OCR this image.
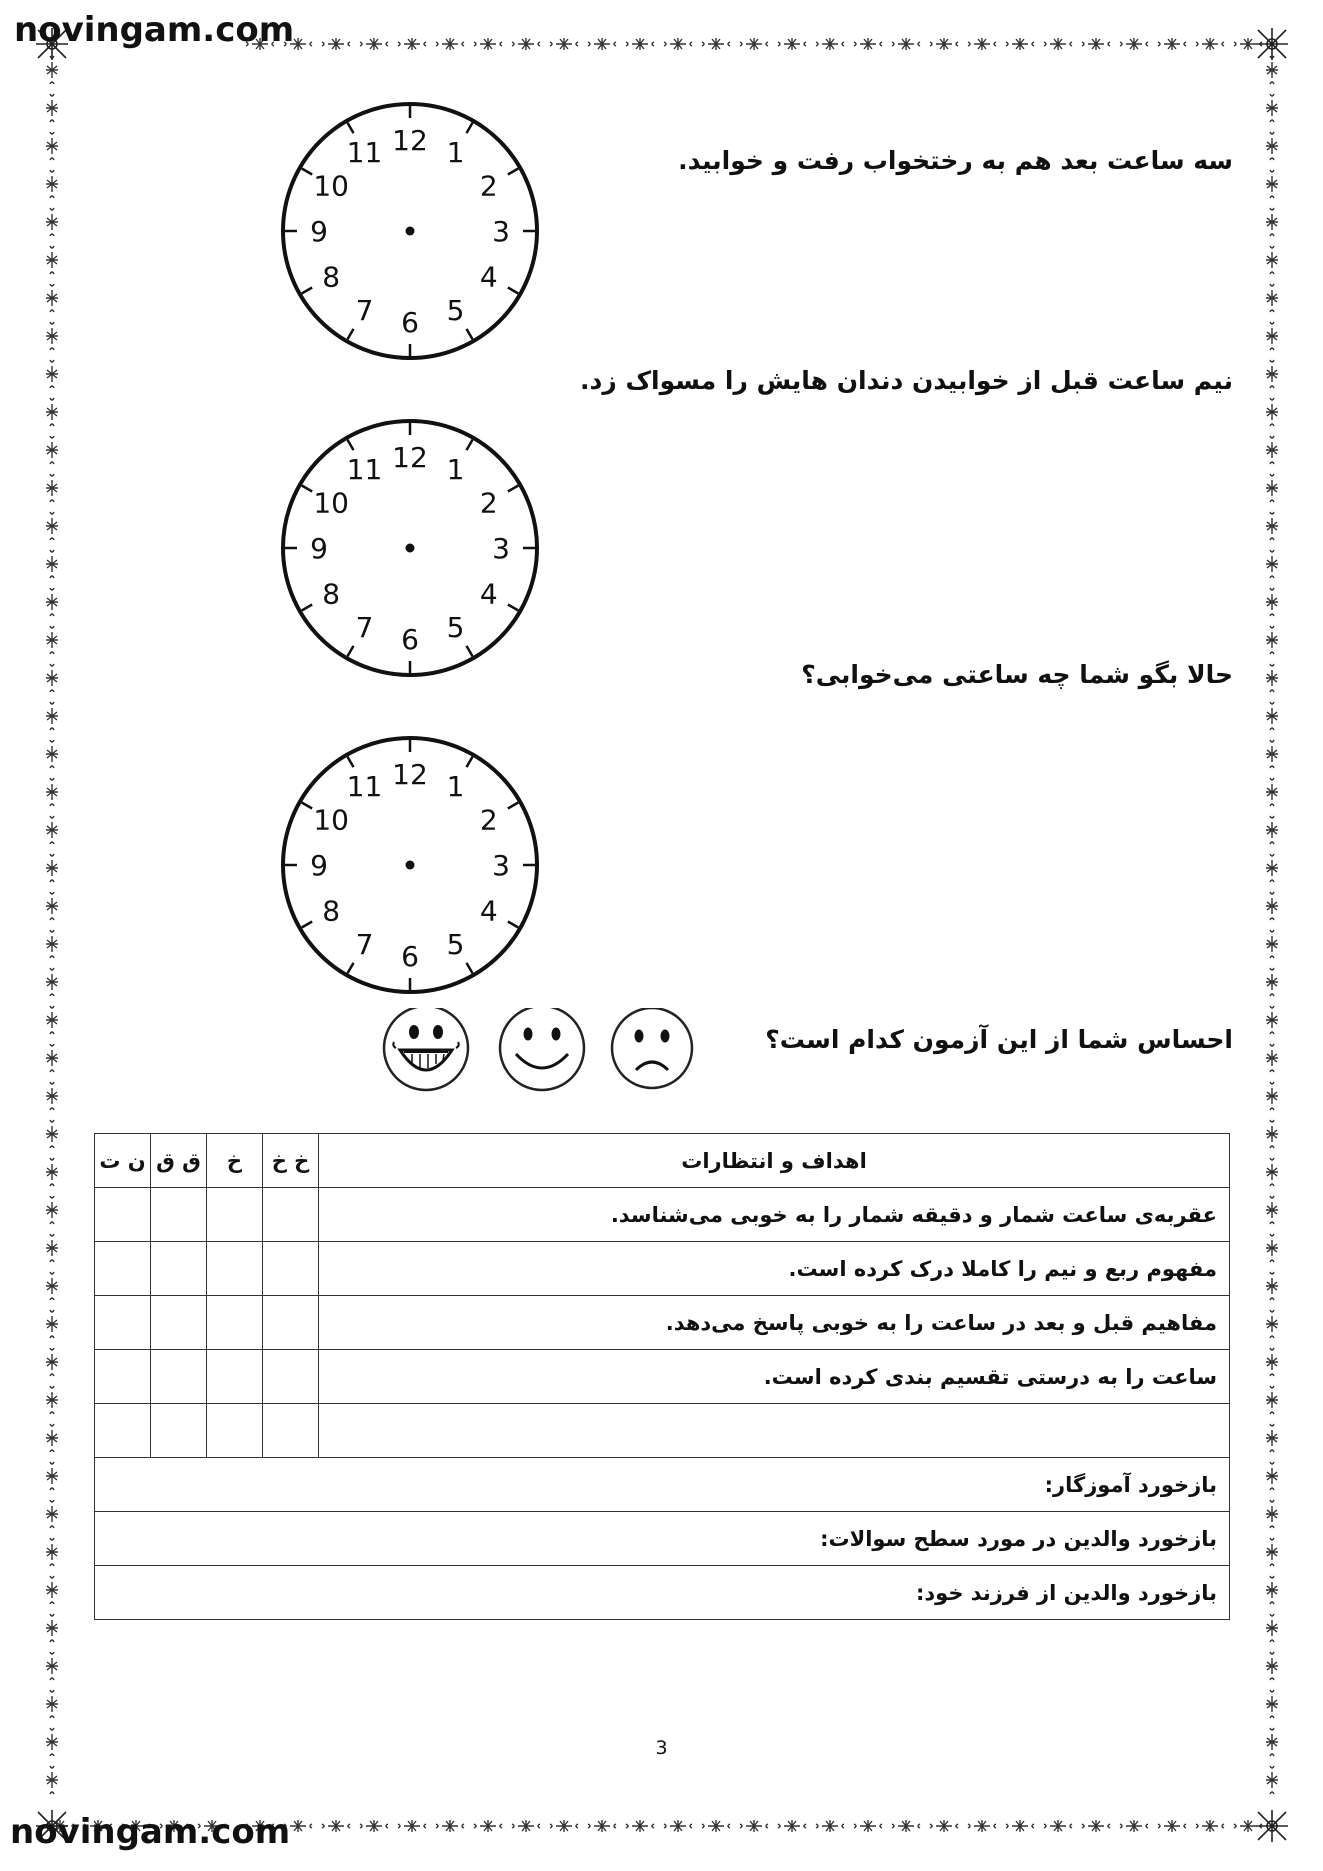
novingam.com
novingam.com
سه ساعت بعد هم به رختخواب رفت و خوابید.
نیم ساعت قبل از خوابیدن دندان هایش را مسواک زد.
حالا بگو شما چه ساعتی می‌خوابی؟
احساس شما از این آزمون کدام است؟
12 1
2
3
4
5
6
7
8
9
10
11
12 1
2
3
4
5
6
7
8
9
10
11
12 1
2
3
4
5
6
7
8
9
10
11
اهداف و انتظارات	خ خ	خ	ق ق	ن ت
عقربه‌ی ساعت شمار و دقیقه شمار را به خوبی می‌شناسد.				
مفهوم ربع و نیم را کاملا درک کرده است.				
مفاهیم قبل و بعد در ساعت را به خوبی پاسخ می‌دهد.				
ساعت را به درستی تقسیم بندی کرده است.				

بازخورد آموزگار:				
بازخورد والدین در مورد سطح سوالات:				
بازخورد والدین از فرزند خود:				
3
